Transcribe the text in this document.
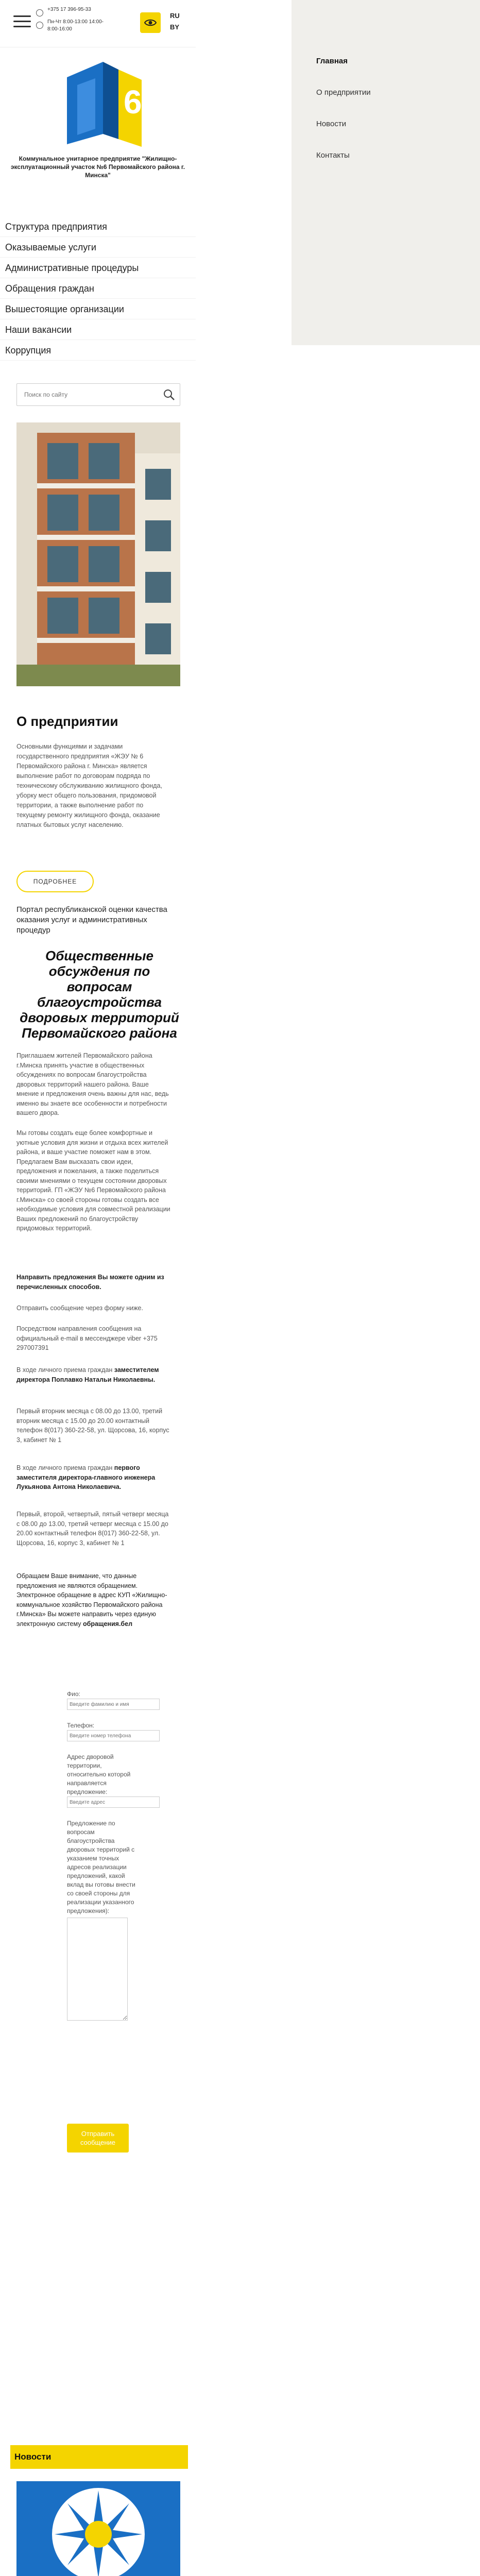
+375 17 396-95-33
Пн-Чт 8:00-13:00 14:00-
8:00-16:00
RU
BY
6
Коммунальное унитарное предприятие "Жилищно-эксплуатационный участок №6 Первомайского района г. Минска"
Структура предприятия
Оказываемые услуги
Административные процедуры
Обращения граждан
Вышестоящие организации
Наши вакансии
Коррупция
Поиск по сайту
О предприятии
Основными функциями и задачами государственного предприятия «ЖЭУ № 6 Первомайского района г. Минска» является выполнение работ по договорам подряда по техническому обслуживанию жилищного фонда, уборку мест общего пользования, придомовой территории, а также выполнение работ по текущему ремонту жилищного фонда, оказание платных бытовых услуг населению.
ПОДРОБНЕЕ
Портал республиканской оценки качества оказания услуг и административных процедур
Общественные обсуждения по вопросам благоустройства дворовых территорий Первомайского района
Приглашаем жителей Первомайского района г.Минска принять участие в общественных обсуждениях по вопросам благоустройства дворовых территорий нашего района. Ваше мнение и предложения очень важны для нас, ведь именно вы знаете все особенности и потребности вашего двора.
Мы готовы создать еще более комфортные и уютные условия для жизни и отдыха всех жителей района, и ваше участие поможет нам в этом. Предлагаем Вам высказать свои идеи, предложения и пожелания, а также поделиться своими мнениями о текущем состоянии дворовых территорий. ГП «ЖЭУ №6 Первомайского района г.Минска» со своей стороны готовы создать все необходимые условия для совместной реализации Ваших предложений по благоустройству придомовых территорий.
Направить предложения Вы можете одним из перечисленных способов.
Отправить сообщение через форму ниже.
Посредством направления сообщения на официальный e-mail в мессенджере viber +375 297007391
В ходе личного приема граждан заместителем директора Поплавко Натальи Николаевны.
Первый вторник месяца с 08.00 до 13.00, третий вторник месяца с 15.00 до 20.00 контактный телефон 8(017) 360-22-58, ул. Щорсова, 16, корпус 3, кабинет № 1
В ходе личного приема граждан первого заместителя директора-главного инженера Лукьянова Антона Николаевича.
Первый, второй, четвертый, пятый четверг месяца с 08.00 до 13.00, третий четверг месяца с 15.00 до 20.00 контактный телефон 8(017) 360-22-58, ул. Щорсова, 16, корпус 3, кабинет № 1
Обращаем Ваше внимание, что данные предложения не являются обращением. Электронное обращение в адрес КУП «Жилищно-коммунальное хозяйство Первомайского района г.Минска» Вы можете направить через единую электронную систему обращения.бел
Фио:
Введите фамилию и имя
Телефон:
Введите номер телефона
Адрес дворовой территории, относительно которой направляется предложение:
Введите адрес
Предложение по вопросам благоустройства дворовых территорий с указанием точных адресов реализации предложений, какой вклад вы готовы внести со своей стороны для реализации указанного предложения):
Отправить сообщение
Новости
Главная
О предприятии
Новости
Контакты
